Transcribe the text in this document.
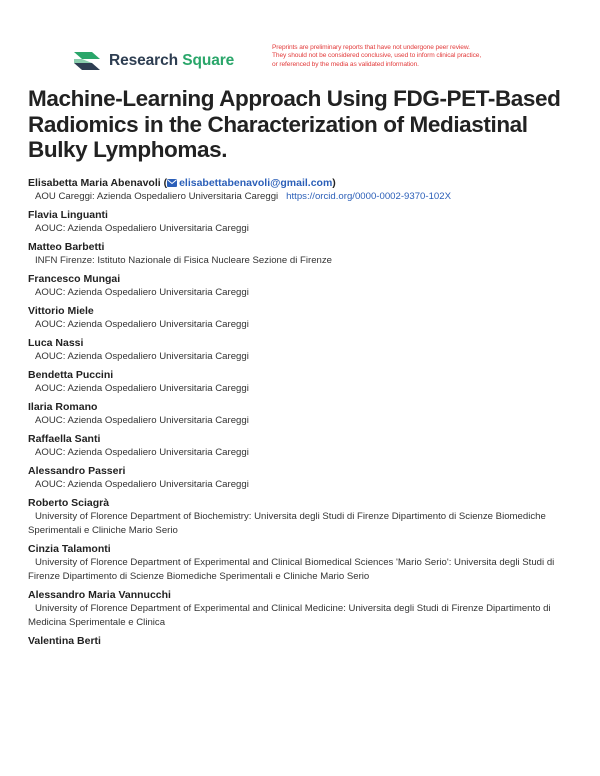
Research Square
Preprints are preliminary reports that have not undergone peer review.
They should not be considered conclusive, used to inform clinical practice,
or referenced by the media as validated information.
Machine-Learning Approach Using FDG-PET-Based Radiomics in the Characterization of Mediastinal Bulky Lymphomas.
Elisabetta Maria Abenavoli ( elisabettabenavoli@gmail.com)
AOU Careggi: Azienda Ospedaliero Universitaria Careggi https://orcid.org/0000-0002-9370-102X
Flavia Linguanti
AOUC: Azienda Ospedaliero Universitaria Careggi
Matteo Barbetti
INFN Firenze: Istituto Nazionale di Fisica Nucleare Sezione di Firenze
Francesco Mungai
AOUC: Azienda Ospedaliero Universitaria Careggi
Vittorio Miele
AOUC: Azienda Ospedaliero Universitaria Careggi
Luca Nassi
AOUC: Azienda Ospedaliero Universitaria Careggi
Bendetta Puccini
AOUC: Azienda Ospedaliero Universitaria Careggi
Ilaria Romano
AOUC: Azienda Ospedaliero Universitaria Careggi
Raffaella Santi
AOUC: Azienda Ospedaliero Universitaria Careggi
Alessandro Passeri
AOUC: Azienda Ospedaliero Universitaria Careggi
Roberto Sciagrà
University of Florence Department of Biochemistry: Universita degli Studi di Firenze Dipartimento di Scienze Biomediche Sperimentali e Cliniche Mario Serio
Cinzia Talamonti
University of Florence Department of Experimental and Clinical Biomedical Sciences 'Mario Serio': Universita degli Studi di Firenze Dipartimento di Scienze Biomediche Sperimentali e Cliniche Mario Serio
Alessandro Maria Vannucchi
University of Florence Department of Experimental and Clinical Medicine: Universita degli Studi di Firenze Dipartimento di Medicina Sperimentale e Clinica
Valentina Berti
